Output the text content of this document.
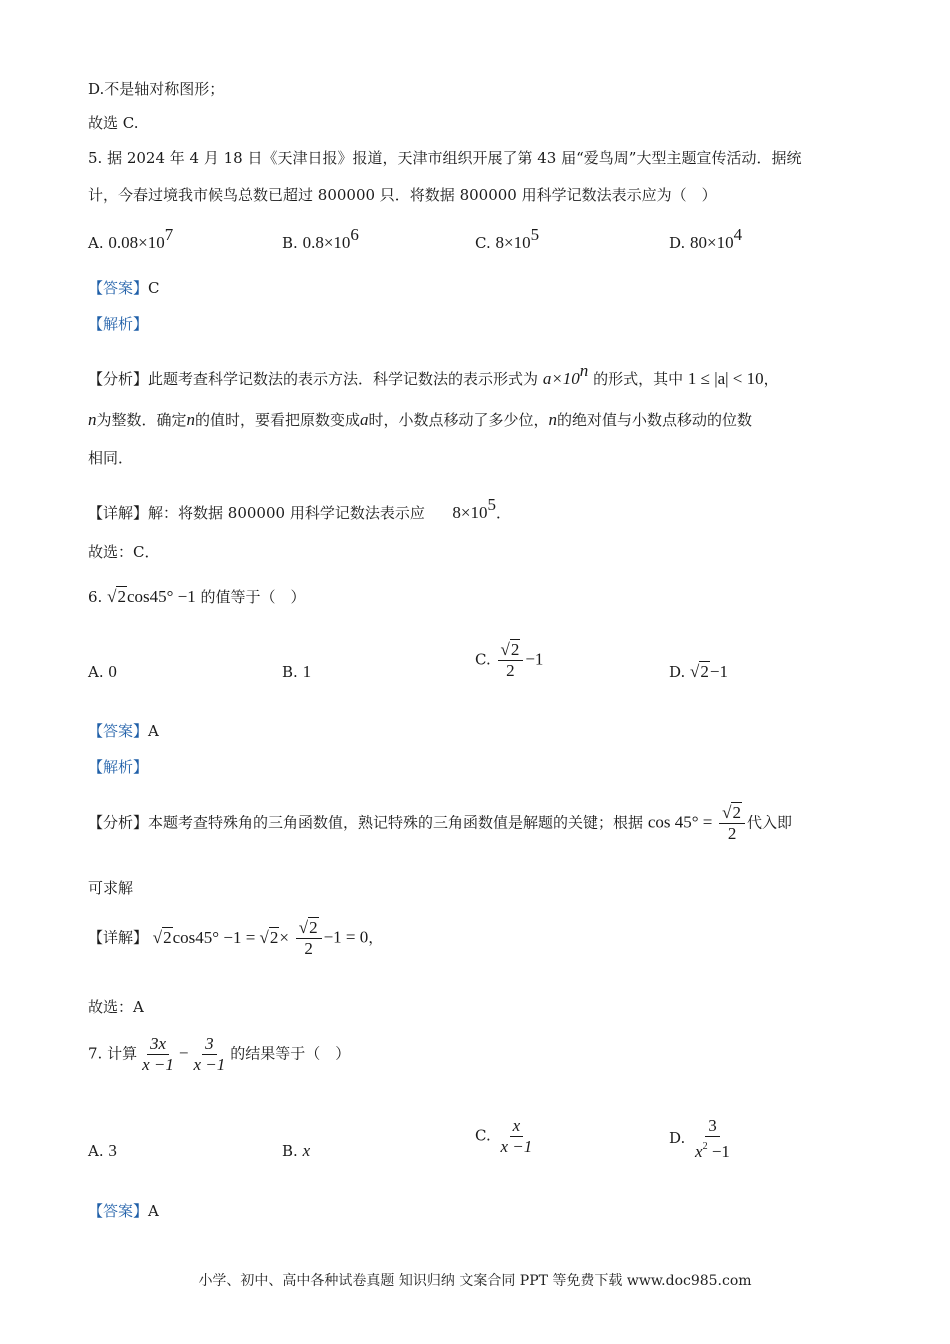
D.不是轴对称图形；
故选 C.
5. 据 2024 年 4 月 18 日《天津日报》报道，天津市组织开展了第 43 届“爱鸟周”大型主题宣传活动．据统
计，今春过境我市候鸟总数已超过 800000 只．将数据 800000 用科学记数法表示应为（　）
A. $0.08\times 10^7$	B. $0.8\times 10^6$	C. $8\times 10^5$	D. $80\times 10^4$
【答案】C
【解析】
【分析】此题考查科学记数法的表示方法．科学记数法的表示形式为 $a\times 10^n$ 的形式，其中 1 ≤ |a| < 10，
n为整数．确定n的值时，要看把原数变成a时，小数点移动了多少位，n的绝对值与小数点移动的位数
相同．
【详解】解：将数据 800000 用科学记数法表示应 $8\times 10^5$．
故选：C．
6. √2cos45° −1 的值等于（　）
A. 0	B. 1
C. $\frac{√2}{2} -1$
D. √2−1
【答案】A
【解析】
【分析】本题考查特殊角的三角函数值，熟记特殊的三角函数值是解题的关键；根据 $\cos 45^\circ = \frac{√2}{2}$ 代入即
可求解
【详解】 $√2\cos 45^\circ -1 = √2\times \frac{√2}{2} -1 = 0$，
故选：A
7. 计算 $\frac{3x}{x -1} - \frac{3}{x -1}$ 的结果等于（　）
A. 3	B. x
C. $\frac{x}{x -1}$	D. $\frac{3}{x^2 -1}$
【答案】A
小学、初中、高中各种试卷真题 知识归纳 文案合同 PPT 等免费下载 www.doc985.com
